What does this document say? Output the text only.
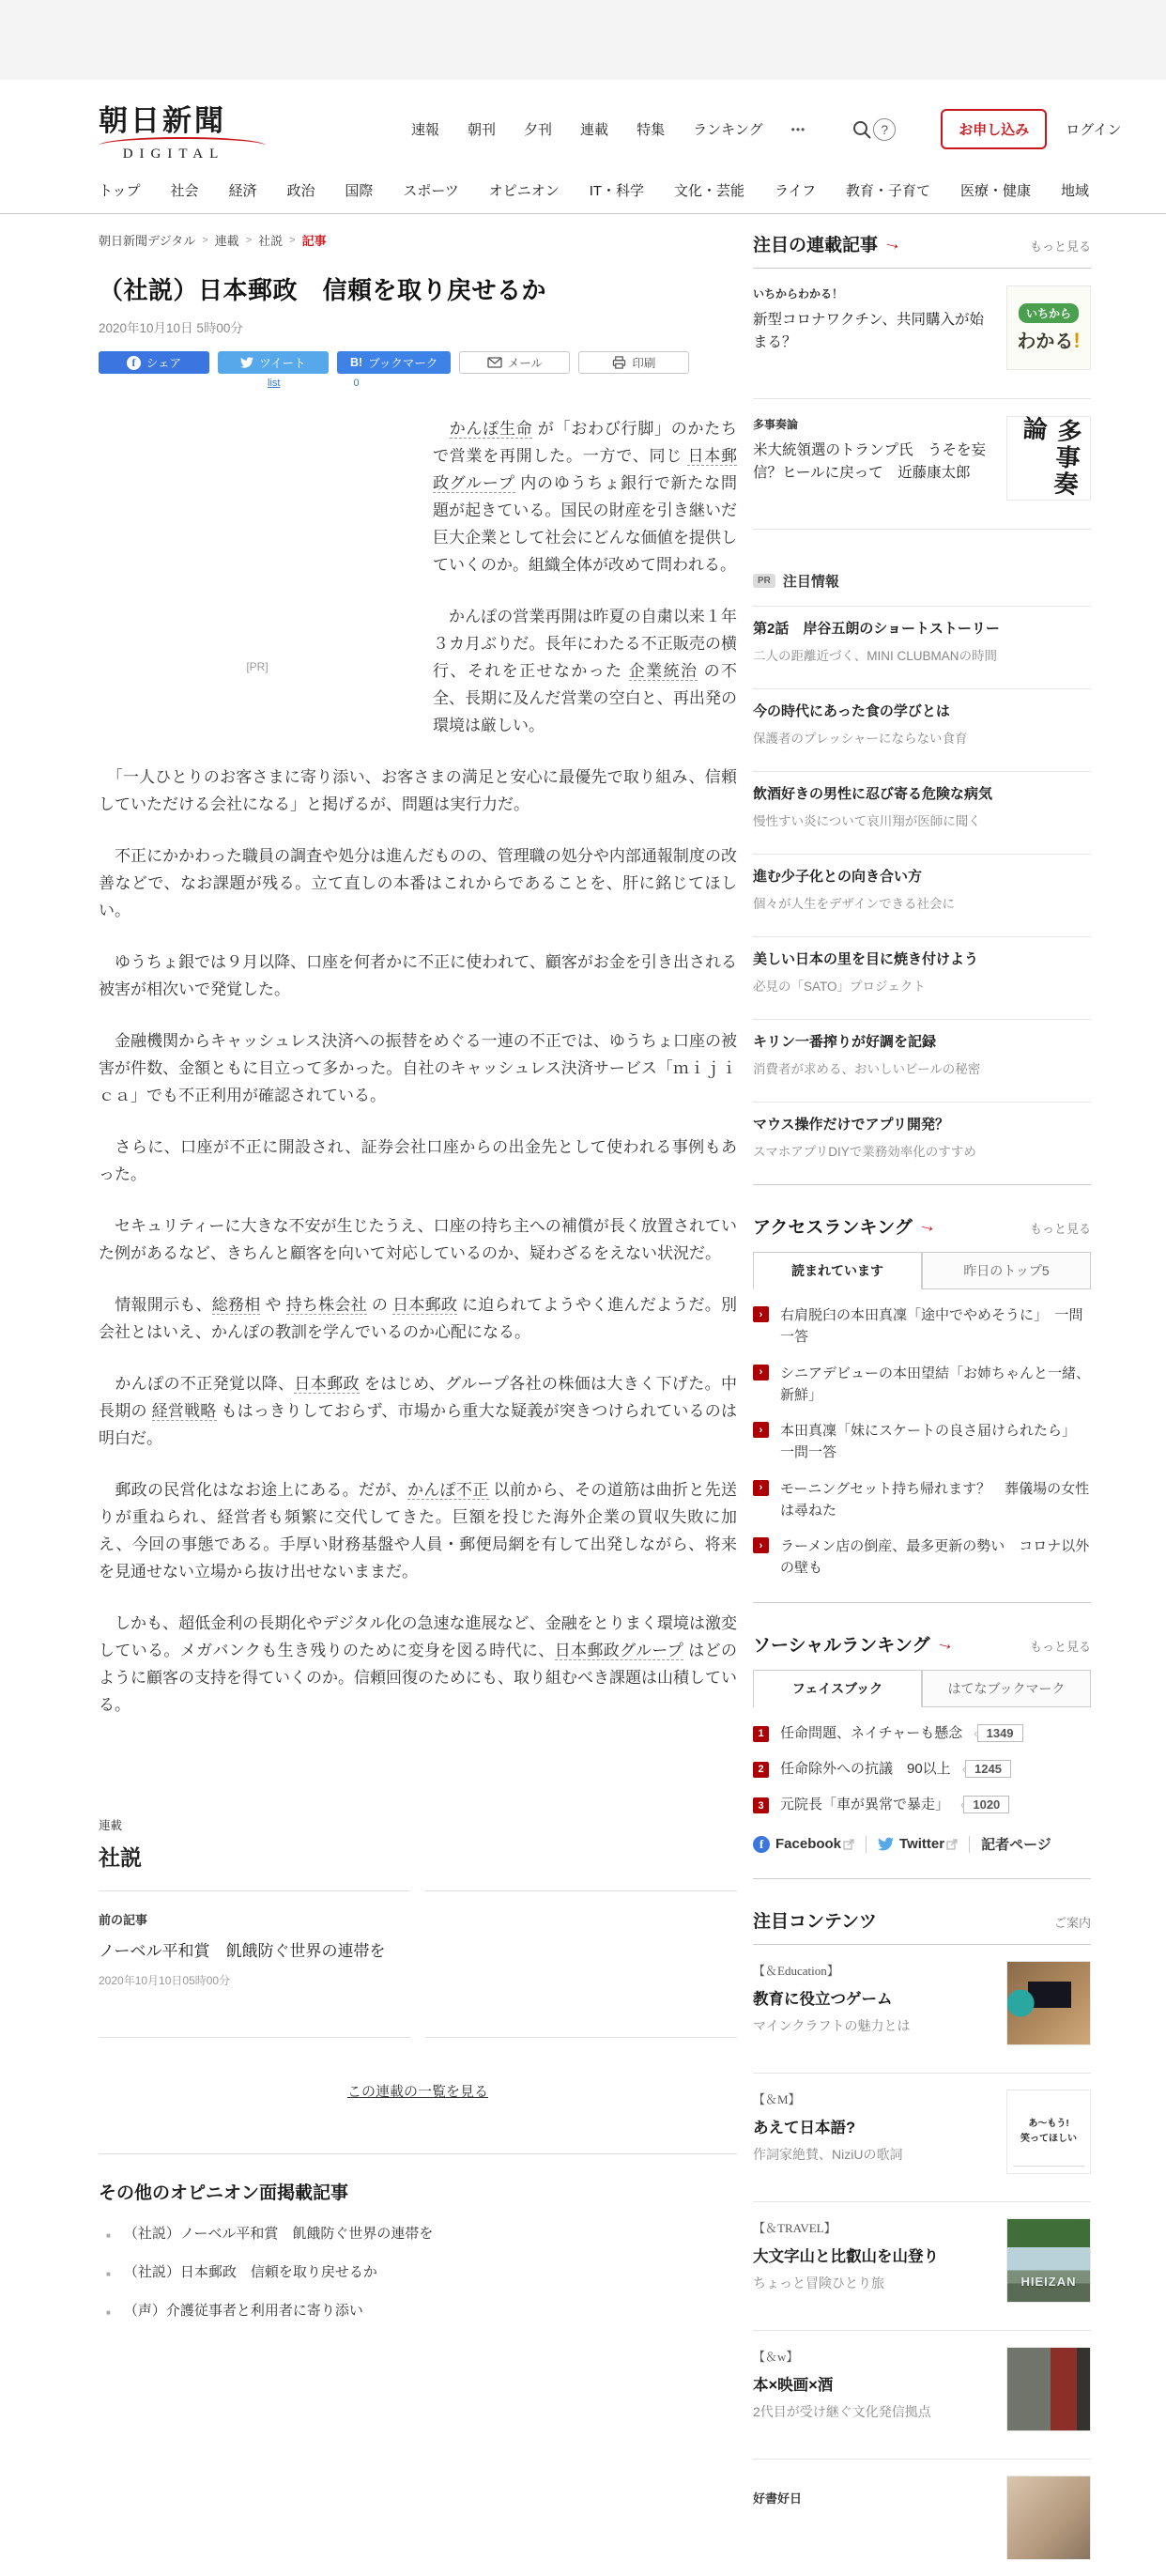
朝日新聞
DIGITAL
速報 朝刊 夕刊 連載 特集 ランキング	•••	?	お申し込み	ログイン
トップ 社会 経済 政治 国際 スポーツ オピニオン IT・科学 文化・芸能 ライフ 教育・子育て 医療・健康 地域
朝日新聞デジタル > 連載 > 社説 > 記事
（社説）日本郵政　信頼を取り戻せるか
2020年10月10日 5時00分
f シェア	ツイート	B! ブックマーク	メール	印刷
list	0
[PR]

　かんぽ生命 が「おわび行脚」のかたちで営業を再開した。一方で、同じ 日本郵政グループ 内のゆうちょ銀行で新たな問題が起きている。国民の財産を引き継いだ巨大企業として社会にどんな価値を提供していくのか。組織全体が改めて問われる。

　かんぽの営業再開は昨夏の自粛以来１年３カ月ぶりだ。長年にわたる不正販売の横行、それを正せなかった 企業統治 の不全、長期に及んだ営業の空白と、再出発の環境は厳しい。

　「一人ひとりのお客さまに寄り添い、お客さまの満足と安心に最優先で取り組み、信頼していただける会社になる」と掲げるが、問題は実行力だ。

　不正にかかわった職員の調査や処分は進んだものの、管理職の処分や内部通報制度の改善などで、なお課題が残る。立て直しの本番はこれからであることを、肝に銘じてほしい。

　ゆうちょ銀では９月以降、口座を何者かに不正に使われて、顧客がお金を引き出される被害が相次いで発覚した。

　金融機関からキャッシュレス決済への振替をめぐる一連の不正では、ゆうちょ口座の被害が件数、金額ともに目立って多かった。自社のキャッシュレス決済サービス「ｍｉｊｉｃａ」でも不正利用が確認されている。

　さらに、口座が不正に開設され、証券会社口座からの出金先として使われる事例もあった。

　セキュリティーに大きな不安が生じたうえ、口座の持ち主への補償が長く放置されていた例があるなど、きちんと顧客を向いて対応しているのか、疑わざるをえない状況だ。

　情報開示も、総務相 や 持ち株会社 の 日本郵政 に迫られてようやく進んだようだ。別会社とはいえ、かんぽの教訓を学んでいるのか心配になる。

　かんぽの不正発覚以降、日本郵政 をはじめ、グループ各社の株価は大きく下げた。中長期の 経営戦略 もはっきりしておらず、市場から重大な疑義が突きつけられているのは明白だ。

　郵政の民営化はなお途上にある。だが、かんぽ不正 以前から、その道筋は曲折と先送りが重ねられ、経営者も頻繁に交代してきた。巨額を投じた海外企業の買収失敗に加え、今回の事態である。手厚い財務基盤や人員・郵便局網を有して出発しながら、将来を見通せない立場から抜け出せないままだ。

　しかも、超低金利の長期化やデジタル化の急速な進展など、金融をとりまく環境は激変している。メガバンクも生き残りのために変身を図る時代に、日本郵政グループ はどのように顧客の支持を得ていくのか。信頼回復のためにも、取り組むべき課題は山積している。

連載
社説
前の記事
ノーベル平和賞　飢餓防ぐ世界の連帯を
2020年10月10日05時00分
この連載の一覧を見る
その他のオピニオン面掲載記事
■ （社説）ノーベル平和賞　飢餓防ぐ世界の連帯を
■ （社説）日本郵政　信頼を取り戻せるか
■ （声）介護従事者と利用者に寄り添い
注目の連載記事 →	もっと見る
いちからわかる！
新型コロナワクチン、共同購入が始まる？
いちから
わかる!
多事奏論
米大統領選のトランプ氏　うそを妄信？ヒールに戻って　近藤康太郎	多事奏論
PR 注目情報
第2話　岸谷五朗のショートストーリー
二人の距離近づく、MINI CLUBMANの時間
今の時代にあった食の学びとは
保護者のプレッシャーにならない食育
飲酒好きの男性に忍び寄る危険な病気
慢性すい炎について哀川翔が医師に聞く
進む少子化との向き合い方
個々が人生をデザインできる社会に
美しい日本の里を目に焼き付けよう
必見の「SATO」プロジェクト
キリン一番搾りが好調を記録
消費者が求める、おいしいビールの秘密
マウス操作だけでアプリ開発？
スマホアプリDIYで業務効率化のすすめ
アクセスランキング →	もっと見る
読まれています	昨日のトップ5
›	右肩脱臼の本田真凜「途中でやめそうに」　一問一答
›	シニアデビューの本田望結「お姉ちゃんと一緒、新鮮」
›	本田真凜「妹にスケートの良さ届けられたら」　一問一答
›	モーニングセット持ち帰れます？　葬儀場の女性は尋ねた
›	ラーメン店の倒産、最多更新の勢い　コロナ以外の壁も
ソーシャルランキング →	もっと見る
フェイスブック	はてなブックマーク
1	任命問題、ネイチャーも懸念 ‹ 1349
2	任命除外への抗議　90以上 ‹ 1245
3	元院長「車が異常で暴走」 ‹ 1020
f Facebook	Twitter	記者ページ
注目コンテンツ	ご案内
【＆Education】
教育に役立つゲーム
マインクラフトの魅力とは
【＆M】
あえて日本語?
作詞家絶賛、NiziUの歌詞
あ〜もう!
笑ってほしい
【＆TRAVEL】
大文字山と比叡山を山登り
ちょっと冒険ひとり旅	HIEIZAN
【＆w】
本×映画×酒
2代目が受け継ぐ文化発信拠点
好書好日
